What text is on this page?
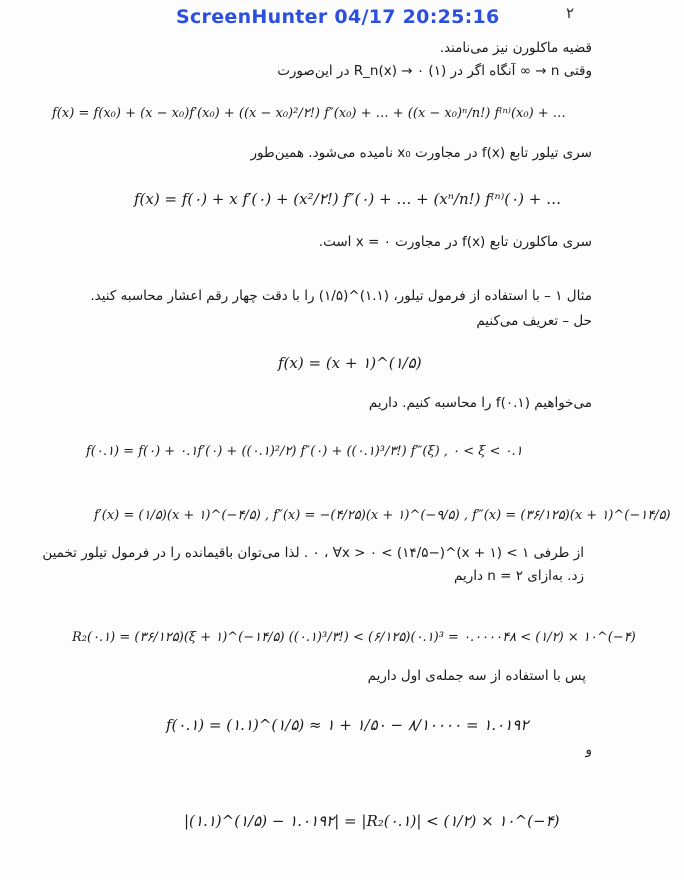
ScreenHunter 04/17 20:25:16	۲
قضیه ماکلورن نیز می‌نامند.
وقتی n → ∞ آنگاه اگر در (۱) R_n(x) → ۰ در این‌صورت
f(x) = f(x₀) + (x − x₀)f′(x₀) + ((x − x₀)²/۲!) f″(x₀) + … + ((x − x₀)ⁿ/n!) f⁽ⁿ⁾(x₀) + …
سری تیلور تابع f(x) در مجاورت x₀ نامیده می‌شود. همین‌طور
f(x) = f(۰) + x f′(۰) + (x²/۲!) f″(۰) + … + (xⁿ/n!) f⁽ⁿ⁾(۰) + …
سری ماکلورن تابع f(x) در مجاورت x = ۰ است.
مثال ۱ – با استفاده از فرمول تیلور، (۱.۱)^(۱/۵) را با دقت چهار رقم اعشار محاسبه کنید.
حل – تعریف می‌کنیم
f(x) = (x + ۱)^(۱/۵)
می‌خواهیم f(۰.۱) را محاسبه کنیم. داریم
f(۰.۱) = f(۰) + ۰.۱f′(۰) + ((۰.۱)²/۲) f″(۰) + ((۰.۱)³/۳!) f‴(ξ) , ۰ < ξ < ۰.۱
f′(x) = (۱/۵)(x + ۱)^(−۴/۵) , f″(x) = −(۴/۲۵)(x + ۱)^(−۹/۵) , f‴(x) = (۳۶/۱۲۵)(x + ۱)^(−۱۴/۵)
از طرفی ۱ > (x + ۱)^(−۱۴/۵) > ۰ ، ∀x > ۰ . لذا می‌توان باقیمانده را در فرمول تیلور تخمین
زد. به‌ازای n = ۲ داریم
R₂(۰.۱) = (۳۶/۱۲۵)(ξ + ۱)^(−۱۴/۵) ((۰.۱)³/۳!) < (۶/۱۲۵)(۰.۱)³ = ۰.۰۰۰۰۴۸ < (۱/۲) × ۱۰^(−۴)
پس با استفاده از سه جمله‌ی اول داریم
f(۰.۱) = (۱.۱)^(۱/۵) ≈ ۱ + ۱/۵۰ − ۸/۱۰۰۰۰ = ۱.۰۱۹۲
و
|(۱.۱)^(۱/۵) − ۱.۰۱۹۲| = |R₂(۰.۱)| < (۱/۲) × ۱۰^(−۴)
